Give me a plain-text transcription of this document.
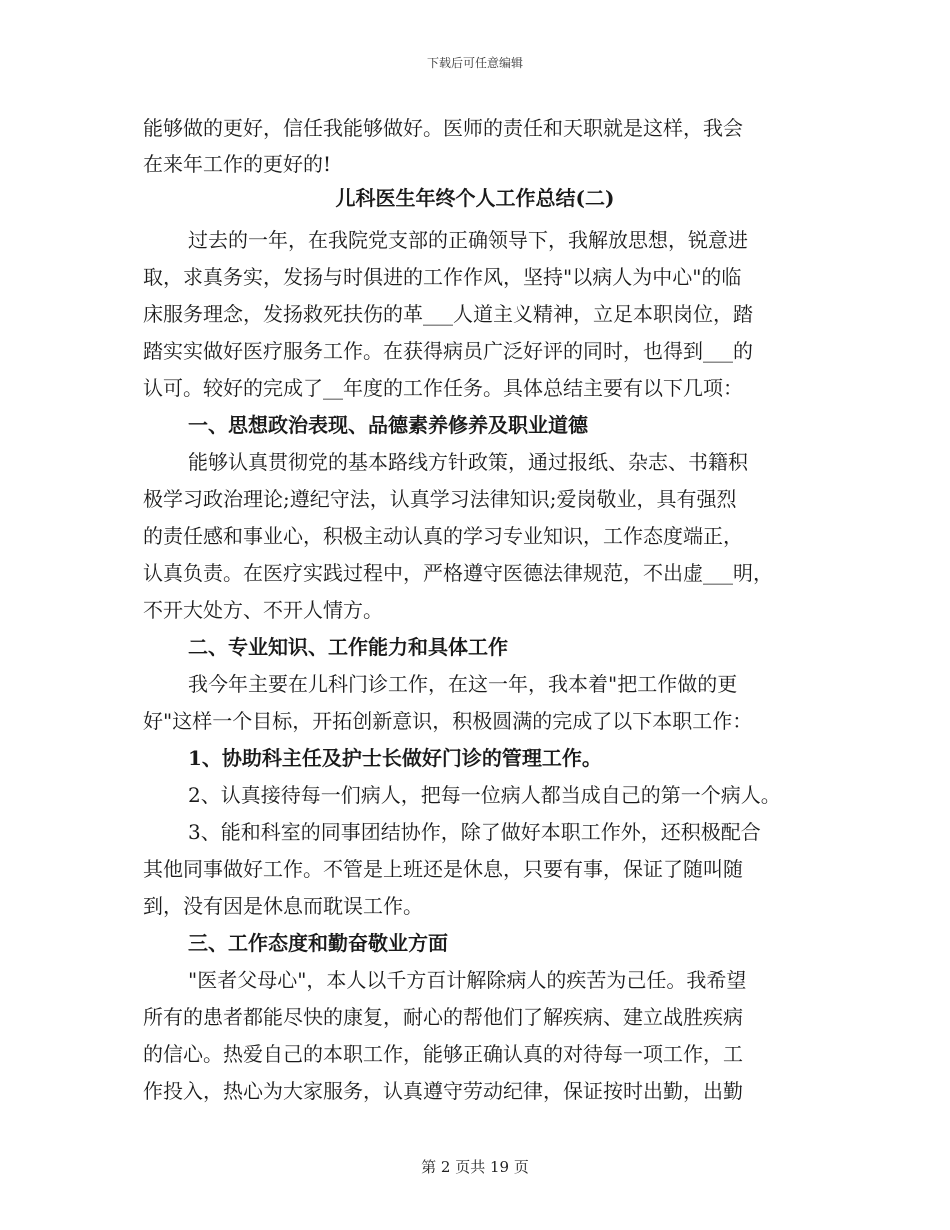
下载后可任意编辑
能够做的更好，信任我能够做好。医师的责任和天职就是这样，我会
在来年工作的更好的!
儿科医生年终个人工作总结(二)
过去的一年，在我院党支部的正确领导下，我解放思想，锐意进
取，求真务实，发扬与时俱进的工作作风，坚持"以病人为中心"的临
床服务理念，发扬救死扶伤的革___人道主义精神，立足本职岗位，踏
踏实实做好医疗服务工作。在获得病员广泛好评的同时，也得到___的
认可。较好的完成了__年度的工作任务。具体总结主要有以下几项：
一、思想政治表现、品德素养修养及职业道德
能够认真贯彻党的基本路线方针政策，通过报纸、杂志、书籍积
极学习政治理论;遵纪守法，认真学习法律知识;爱岗敬业，具有强烈
的责任感和事业心，积极主动认真的学习专业知识，工作态度端正，
认真负责。在医疗实践过程中，严格遵守医德法律规范，不出虚___明，
不开大处方、不开人情方。
二、专业知识、工作能力和具体工作
我今年主要在儿科门诊工作，在这一年，我本着"把工作做的更
好"这样一个目标，开拓创新意识，积极圆满的完成了以下本职工作：
1、协助科主任及护士长做好门诊的管理工作。
2、认真接待每一们病人，把每一位病人都当成自己的第一个病人。
3、能和科室的同事团结协作，除了做好本职工作外，还积极配合
其他同事做好工作。不管是上班还是休息，只要有事，保证了随叫随
到，没有因是休息而耽误工作。
三、工作态度和勤奋敬业方面
"医者父母心"，本人以千方百计解除病人的疾苦为己任。我希望
所有的患者都能尽快的康复，耐心的帮他们了解疾病、建立战胜疾病
的信心。热爱自己的本职工作，能够正确认真的对待每一项工作，工
作投入，热心为大家服务，认真遵守劳动纪律，保证按时出勤，出勤
第 2 页共 19 页
